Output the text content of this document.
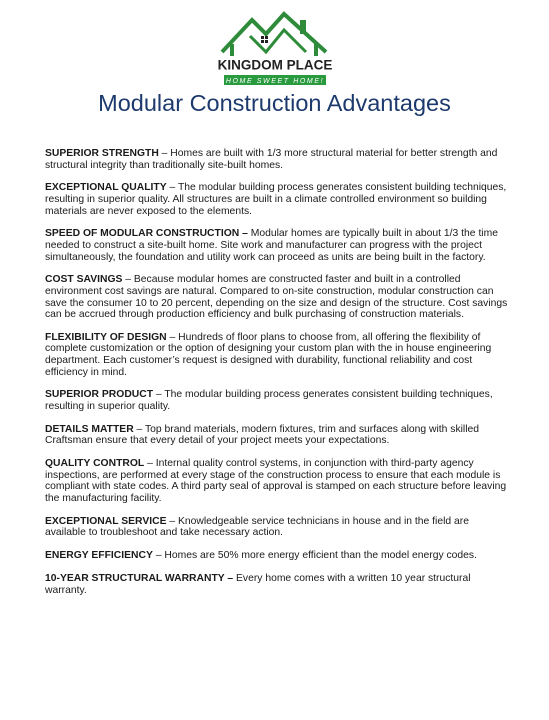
KINGDOM PLACE
HOME SWEET HOME!
Modular Construction Advantages

SUPERIOR STRENGTH – Homes are built with 1/3 more structural material for better strength and structural integrity than traditionally site-built homes.

EXCEPTIONAL QUALITY – The modular building process generates consistent building techniques, resulting in superior quality. All structures are built in a climate controlled environment so building materials are never exposed to the elements.

SPEED OF MODULAR CONSTRUCTION – Modular homes are typically built in about 1/3 the time needed to construct a site-built home. Site work and manufacturer can progress with the project simultaneously, the foundation and utility work can proceed as units are being built in the factory.

COST SAVINGS – Because modular homes are constructed faster and built in a controlled environment cost savings are natural. Compared to on-site construction, modular construction can save the consumer 10 to 20 percent, depending on the size and design of the structure. Cost savings can be accrued through production efficiency and bulk purchasing of construction materials.

FLEXIBILITY OF DESIGN – Hundreds of floor plans to choose from, all offering the flexibility of complete customization or the option of designing your custom plan with the in house engineering department. Each customer’s request is designed with durability, functional reliability and cost efficiency in mind.

SUPERIOR PRODUCT – The modular building process generates consistent building techniques, resulting in superior quality.

DETAILS MATTER – Top brand materials, modern fixtures, trim and surfaces along with skilled Craftsman ensure that every detail of your project meets your expectations.

QUALITY CONTROL – Internal quality control systems, in conjunction with third-party agency inspections, are performed at every stage of the construction process to ensure that each module is compliant with state codes. A third party seal of approval is stamped on each structure before leaving the manufacturing facility.

EXCEPTIONAL SERVICE – Knowledgeable service technicians in house and in the field are available to troubleshoot and take necessary action.

ENERGY EFFICIENCY – Homes are 50% more energy efficient than the model energy codes.

10-YEAR STRUCTURAL WARRANTY – Every home comes with a written 10 year structural warranty.
